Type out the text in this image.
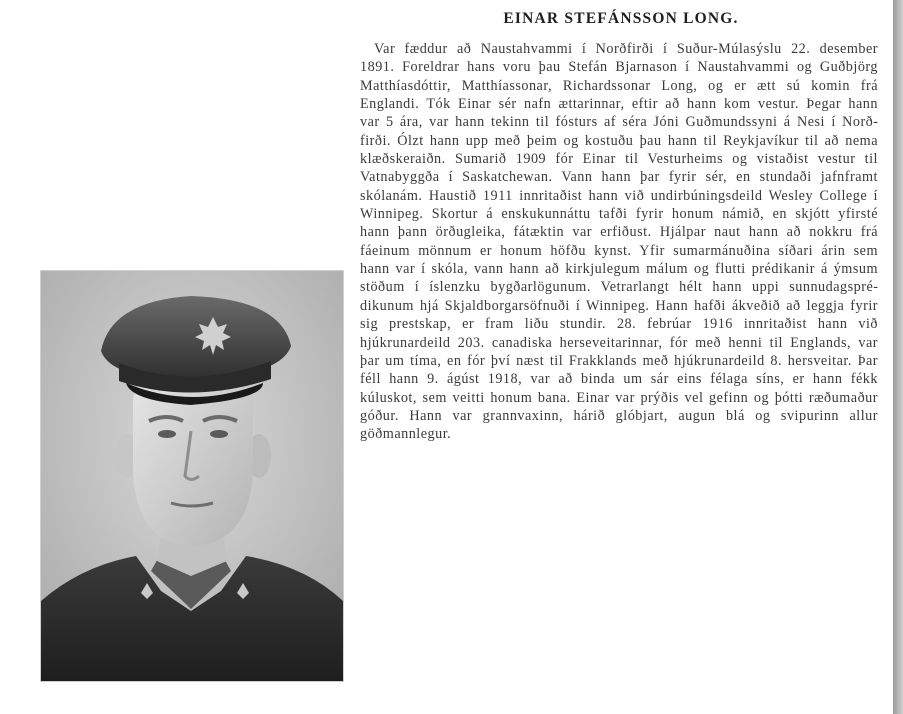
EINAR STEFÁNSSON LONG.

Var fæddur að Naustahvammi í Norðfirði í Suður-Múlasýslu 22. desember 1891. Foreldrar hans voru þau Stefán Bjarnason í Naustahvammi og Guðbjörg Matthíasdóttir, Matthíassonar, Richardssonar Long, og er ætt sú komin frá Englandi. Tók Einar sér nafn ættarinnar, eftir að hann kom vestur. Þegar hann var 5 ára, var hann tekinn til fósturs af séra Jóni Guðmundssyni á Nesi í Norðfirði. Ólzt hann upp með þeim og kostuðu þau hann til Reykjavíkur til að nema klæðskeraiðn. Sumarið 1909 fór Einar til Vesturheims og vistaðist vestur til Vatnabyggða í Saskatchewan. Vann hann þar fyrir sér, en stundaði jafnframt skólanám. Haustið 1911 innritaðist hann við undirbúningsdeild Wesley College í Winnipeg. Skortur á enskukunnáttu tafði fyrir honum námið, en skjótt yfirsté hann þann örðugleika, fátæktin var erfiðust. Hjálpar naut hann að nokkru frá fáeinum mönnum er honum höfðu kynst. Yfir sumarmánuðina síðari árin sem hann var í skóla, vann hann að kirkjulegum málum og flutti prédikanir á ýmsum stöðum í íslenzku bygðarlögunum. Vetrarlangt hélt hann uppi sunnudagsprédikunum hjá Skjaldborgarsöfnuði í Winnipeg. Hann hafði ákveðið að leggja fyrir sig prestskap, er fram liðu stundir. 28. febrúar 1916 innritaðist hann við hjúkrunardeild 203. canadiska herseveitarinnar, fór með henni til Englands, var þar um tíma, en fór því næst til Frakklands með hjúkrunardeild 8. hersveitar. Þar féll hann 9. ágúst 1918, var að binda um sár eins félaga síns, er hann fékk kúluskot, sem veitti honum bana. Einar var prýðis vel gefinn og þótti ræðumaður góður. Hann var grannvaxinn, hárið glóbjart, augun blá og svipurinn allur göðmannlegur.
